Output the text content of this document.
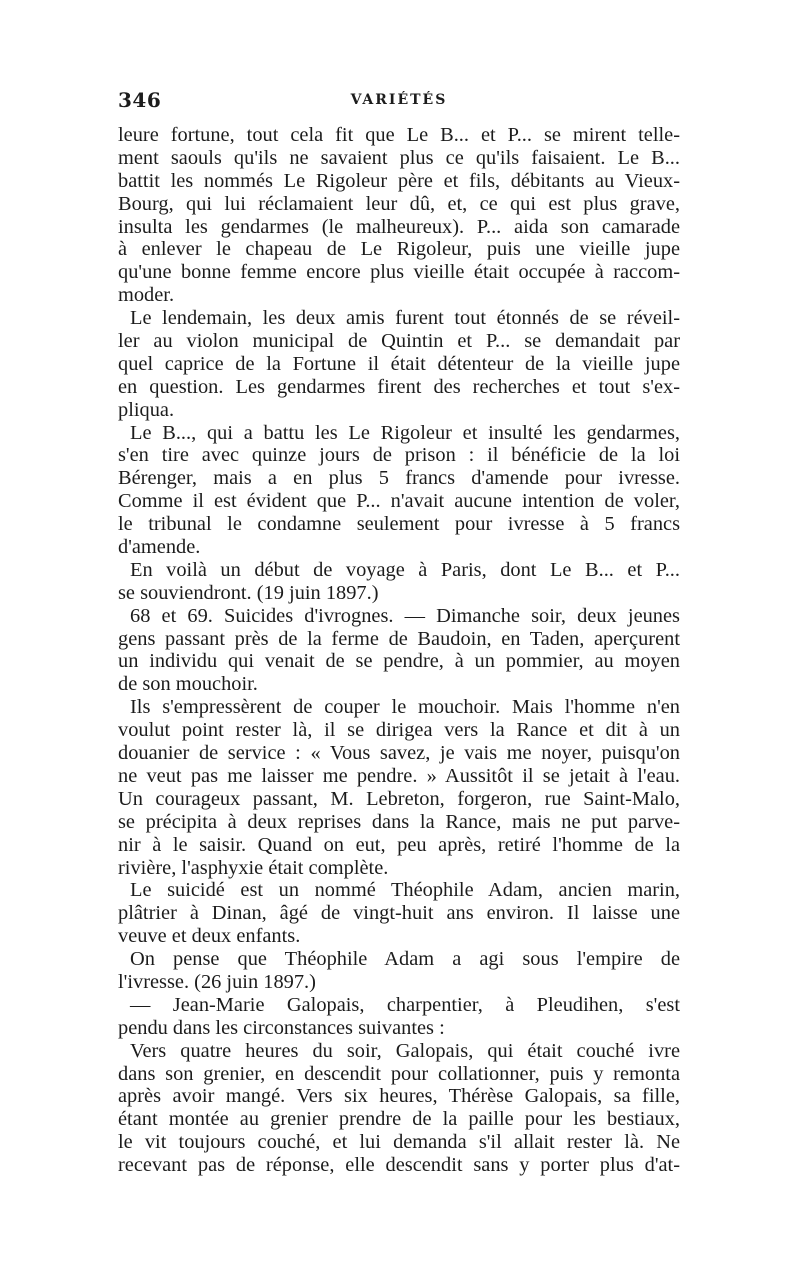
346	VARIÉTÉS
leure fortune, tout cela fit que Le B... et P... se mirent telle-
ment saouls qu'ils ne savaient plus ce qu'ils faisaient. Le B...
battit les nommés Le Rigoleur père et fils, débitants au Vieux-
Bourg, qui lui réclamaient leur dû, et, ce qui est plus grave,
insulta les gendarmes (le malheureux). P... aida son camarade
à enlever le chapeau de Le Rigoleur, puis une vieille jupe
qu'une bonne femme encore plus vieille était occupée à raccom-
moder.
Le lendemain, les deux amis furent tout étonnés de se réveil-
ler au violon municipal de Quintin et P... se demandait par
quel caprice de la Fortune il était détenteur de la vieille jupe
en question. Les gendarmes firent des recherches et tout s'ex-
pliqua.
Le B..., qui a battu les Le Rigoleur et insulté les gendarmes,
s'en tire avec quinze jours de prison : il bénéficie de la loi
Bérenger, mais a en plus 5 francs d'amende pour ivresse.
Comme il est évident que P... n'avait aucune intention de voler,
le tribunal le condamne seulement pour ivresse à 5 francs
d'amende.
En voilà un début de voyage à Paris, dont Le B... et P...
se souviendront. (19 juin 1897.)
68 et 69. Suicides d'ivrognes. — Dimanche soir, deux jeunes
gens passant près de la ferme de Baudoin, en Taden, aperçurent
un individu qui venait de se pendre, à un pommier, au moyen
de son mouchoir.
Ils s'empressèrent de couper le mouchoir. Mais l'homme n'en
voulut point rester là, il se dirigea vers la Rance et dit à un
douanier de service : « Vous savez, je vais me noyer, puisqu'on
ne veut pas me laisser me pendre. » Aussitôt il se jetait à l'eau.
Un courageux passant, M. Lebreton, forgeron, rue Saint-Malo,
se précipita à deux reprises dans la Rance, mais ne put parve-
nir à le saisir. Quand on eut, peu après, retiré l'homme de la
rivière, l'asphyxie était complète.
Le suicidé est un nommé Théophile Adam, ancien marin,
plâtrier à Dinan, âgé de vingt-huit ans environ. Il laisse une
veuve et deux enfants.
On pense que Théophile Adam a agi sous l'empire de
l'ivresse. (26 juin 1897.)
— Jean-Marie Galopais, charpentier, à Pleudihen, s'est
pendu dans les circonstances suivantes :
Vers quatre heures du soir, Galopais, qui était couché ivre
dans son grenier, en descendit pour collationner, puis y remonta
après avoir mangé. Vers six heures, Thérèse Galopais, sa fille,
étant montée au grenier prendre de la paille pour les bestiaux,
le vit toujours couché, et lui demanda s'il allait rester là. Ne
recevant pas de réponse, elle descendit sans y porter plus d'at-
